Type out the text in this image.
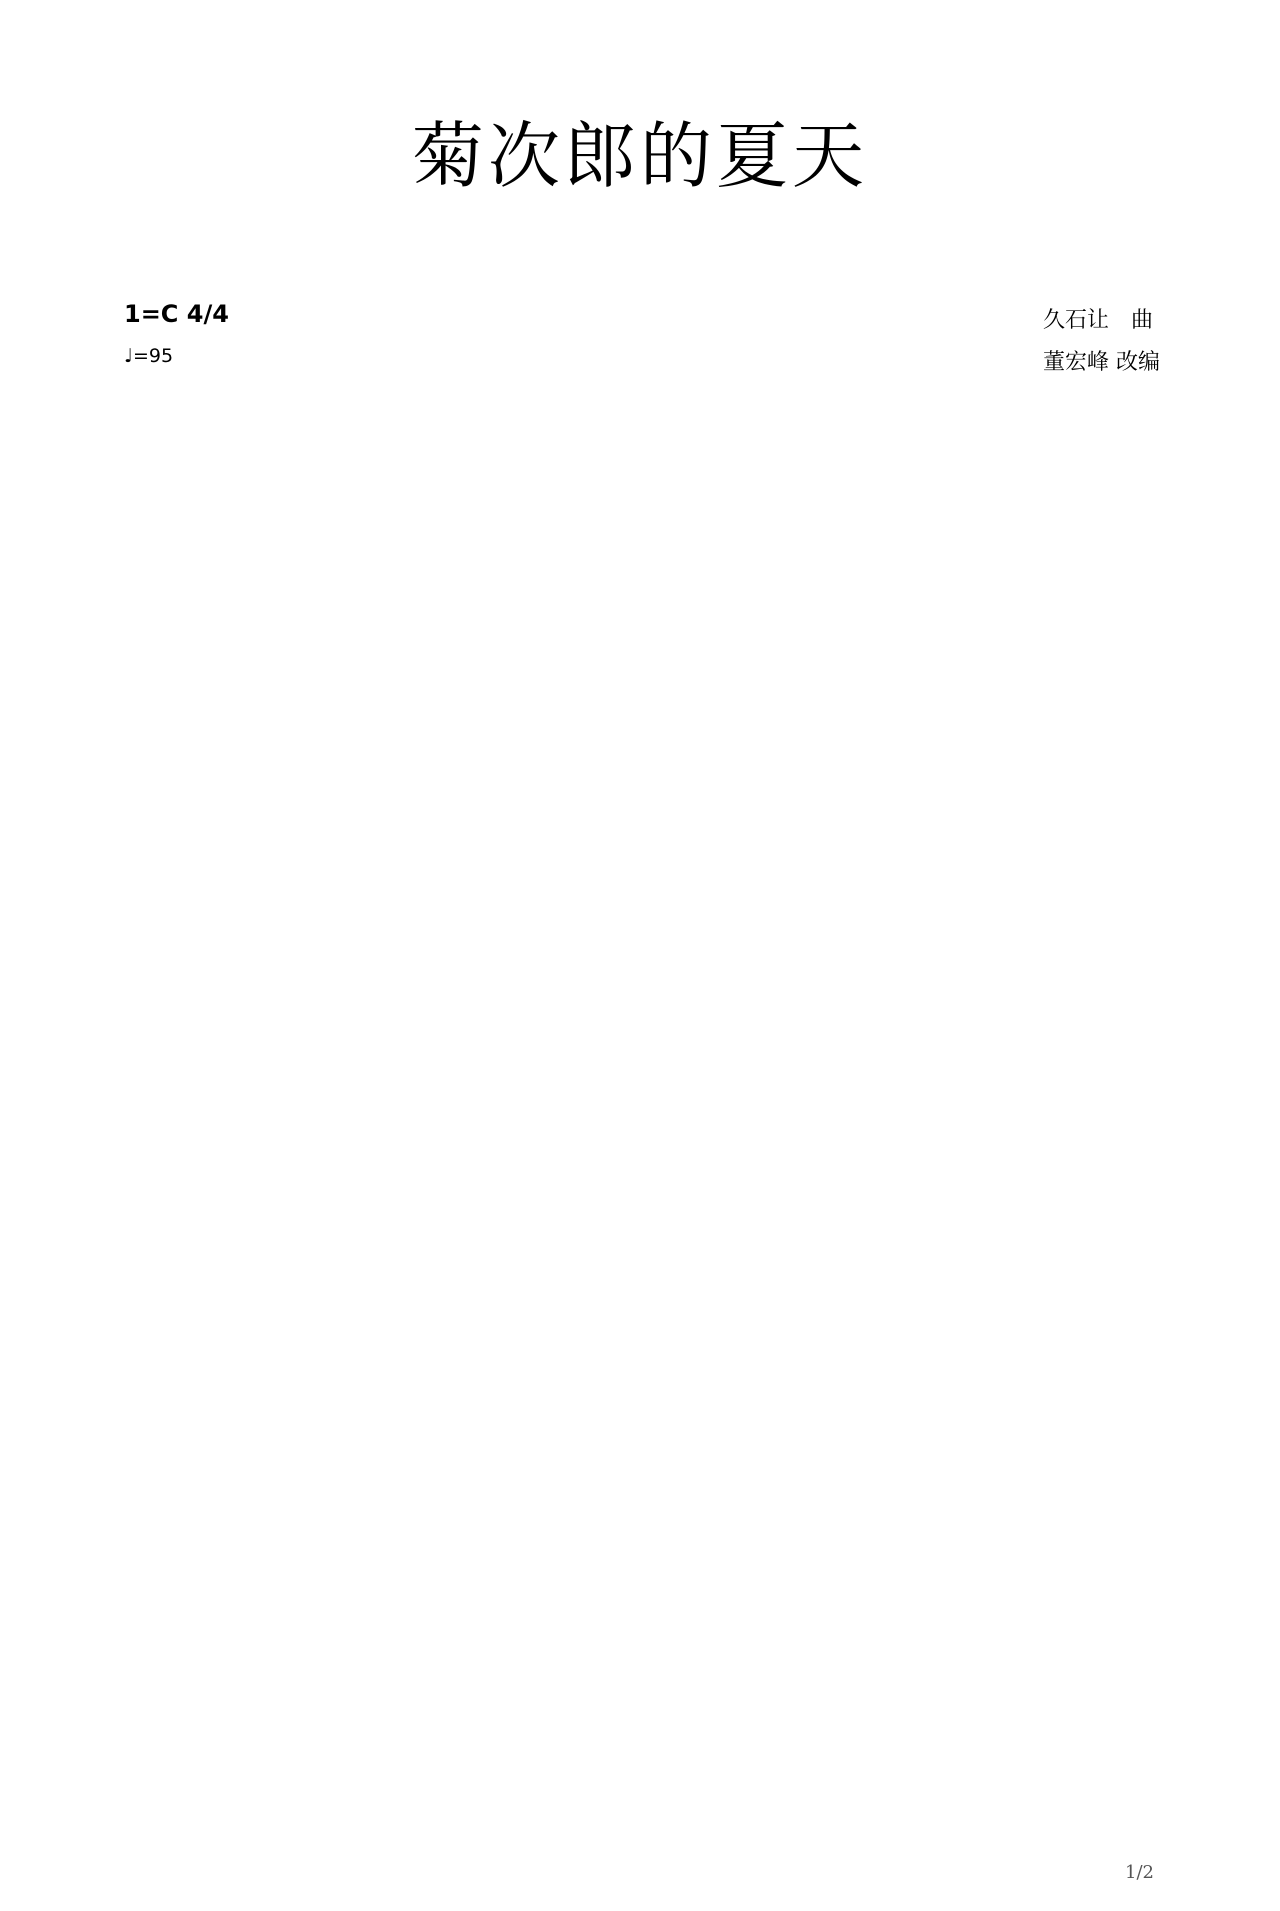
菊次郎的夏天
1=C 4/4
♩=95
久石让　曲
董宏峰 改编
1/2
